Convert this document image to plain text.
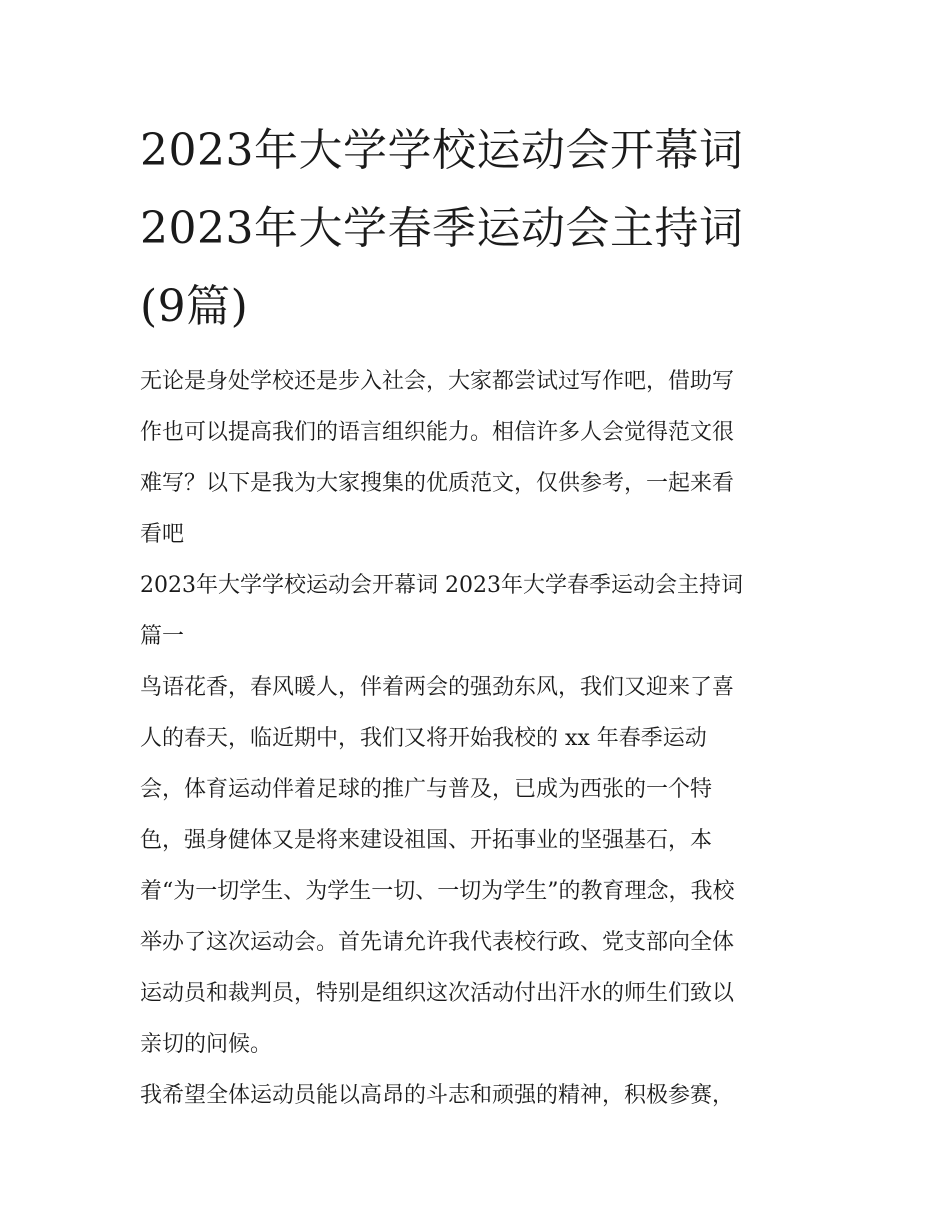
2023年大学学校运动会开幕词
2023年大学春季运动会主持词
(9篇)

无论是身处学校还是步入社会，大家都尝试过写作吧，借助写
作也可以提高我们的语言组织能力。相信许多人会觉得范文很
难写？以下是我为大家搜集的优质范文，仅供参考，一起来看
看吧

2023年大学学校运动会开幕词 2023年大学春季运动会主持词
篇一

鸟语花香，春风暖人，伴着两会的强劲东风，我们又迎来了喜
人的春天，临近期中，我们又将开始我校的 xx 年春季运动
会，体育运动伴着足球的推广与普及，已成为西张的一个特
色，强身健体又是将来建设祖国、开拓事业的坚强基石，本
着“为一切学生、为学生一切、一切为学生”的教育理念，我校
举办了这次运动会。首先请允许我代表校行政、党支部向全体
运动员和裁判员，特别是组织这次活动付出汗水的师生们致以
亲切的问候。

我希望全体运动员能以高昂的斗志和顽强的精神，积极参赛，
